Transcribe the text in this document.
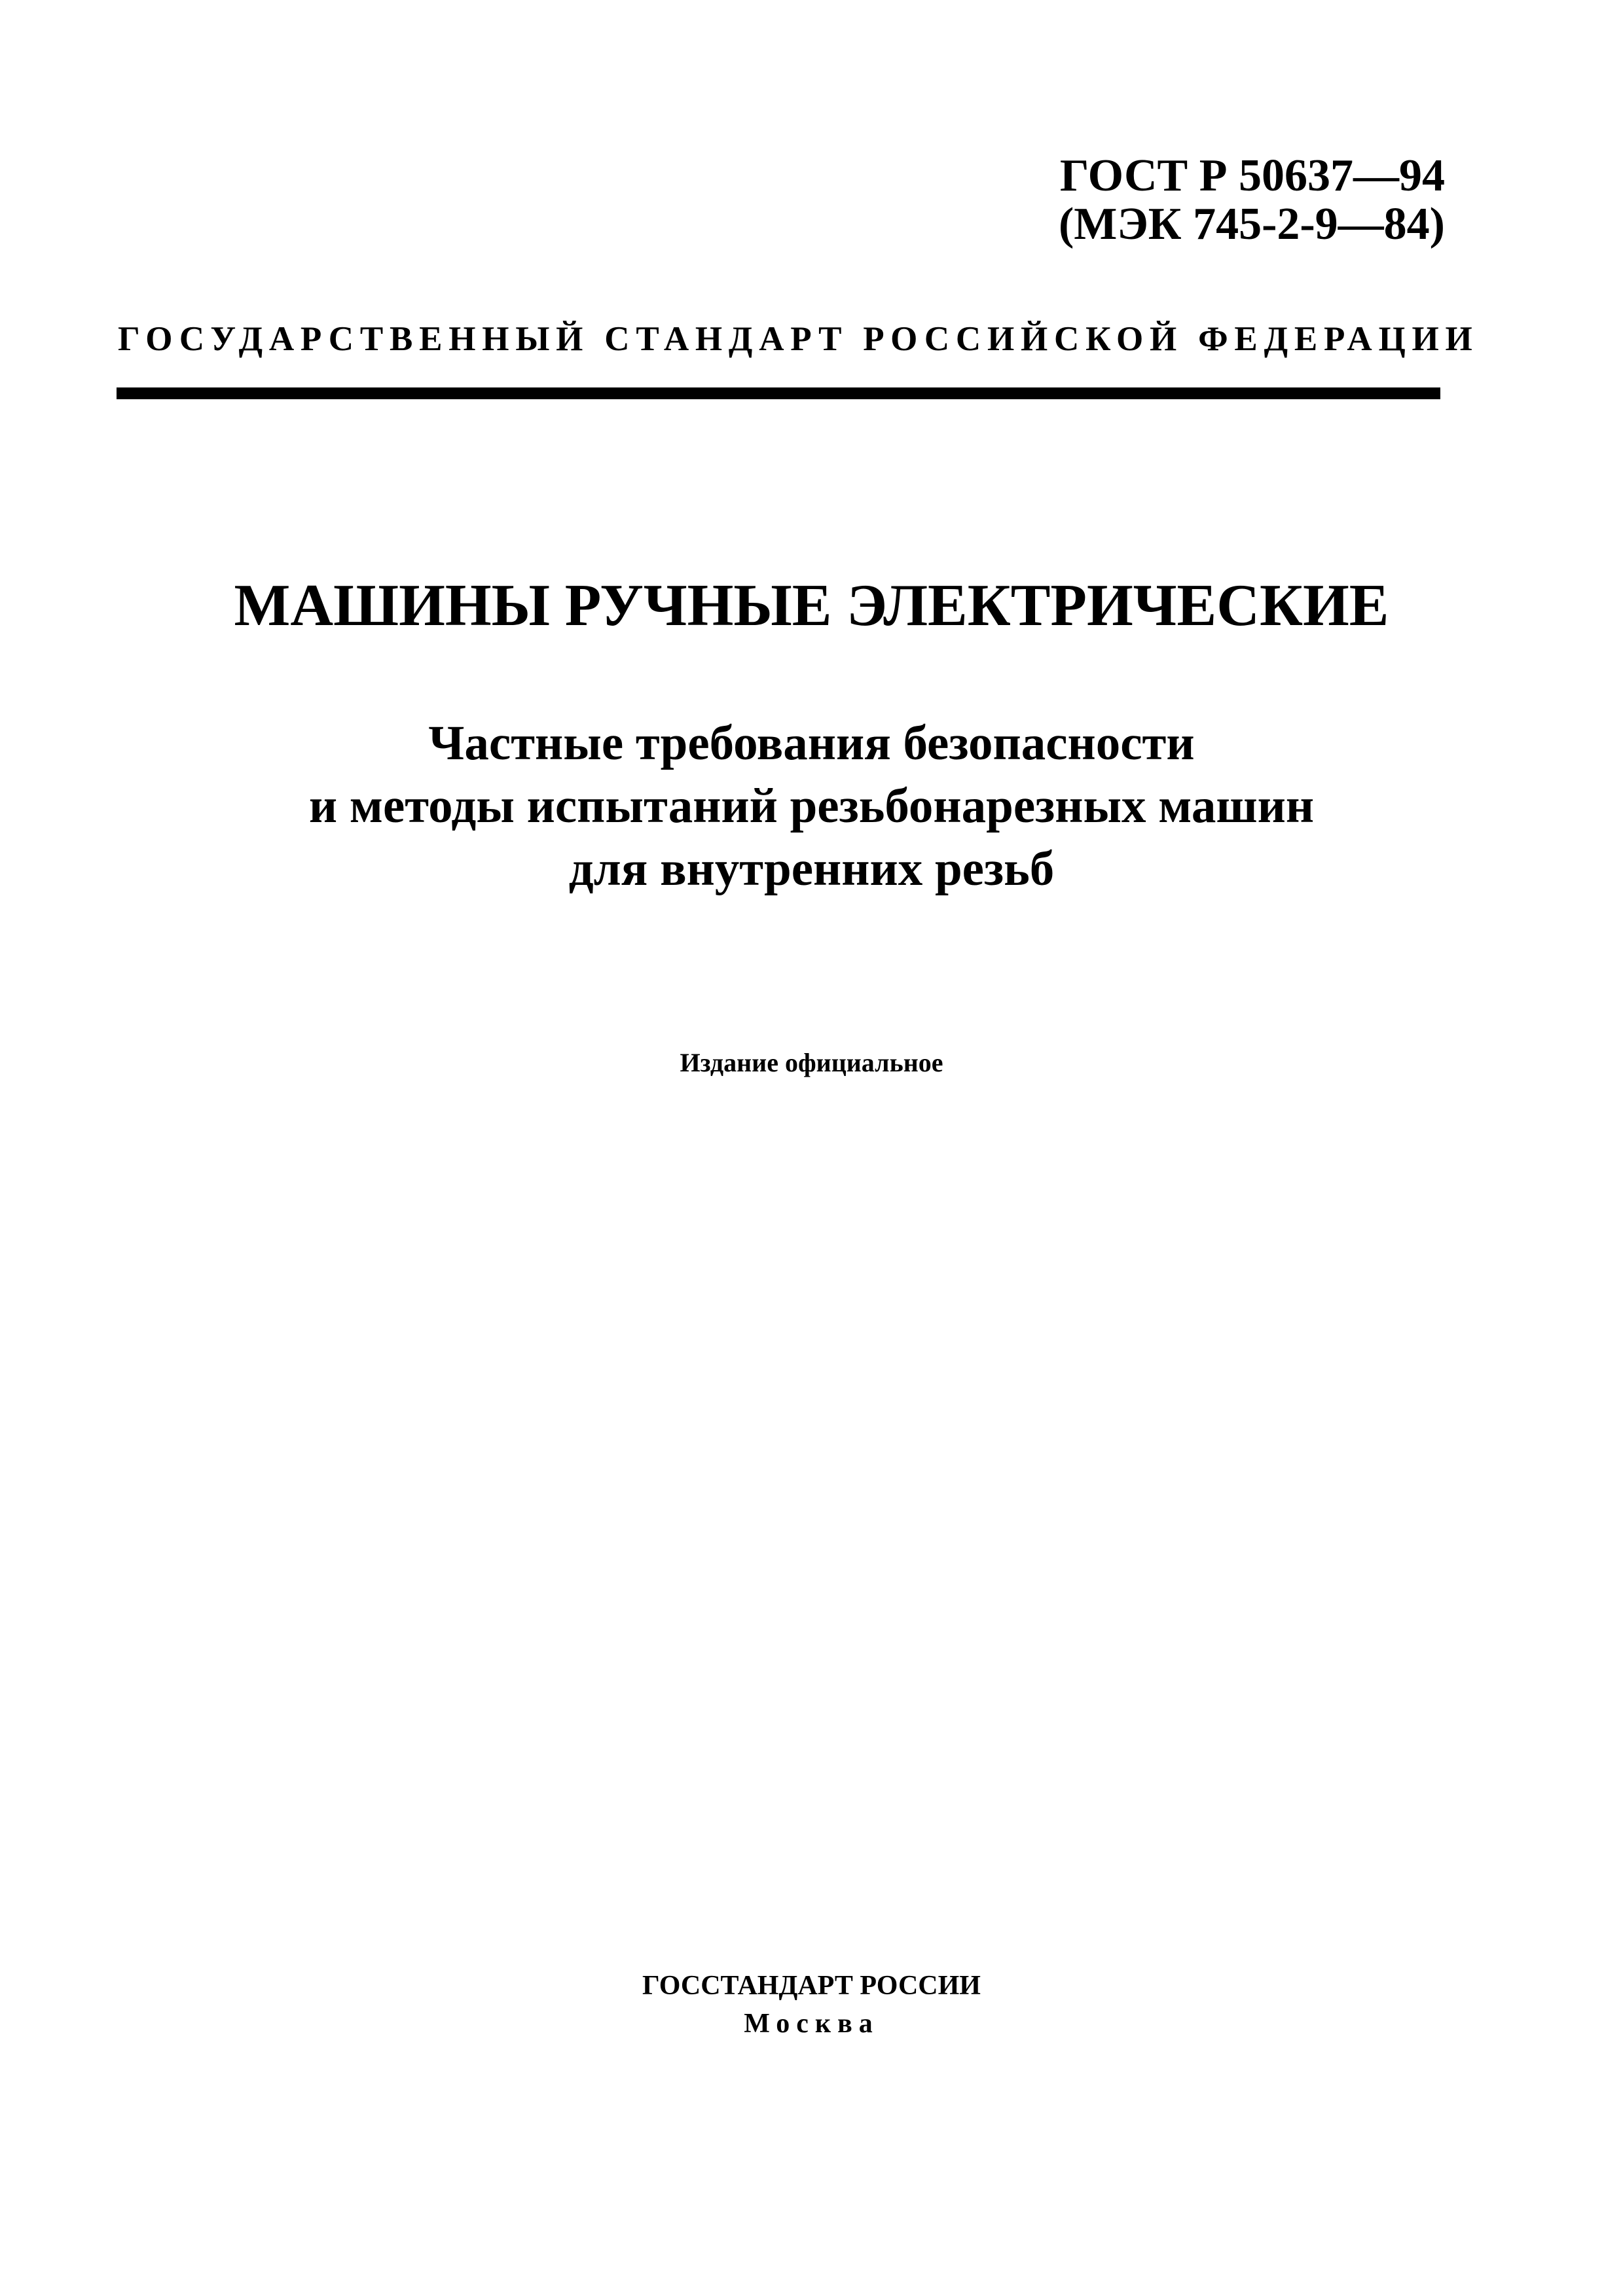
ГОСТ Р 50637—94
(МЭК 745-2-9—84)
ГОСУДАРСТВЕННЫЙ СТАНДАРТ РОССИЙСКОЙ ФЕДЕРАЦИИ
МАШИНЫ РУЧНЫЕ ЭЛЕКТРИЧЕСКИЕ
Частные требования безопасности
и методы испытаний резьбонарезных машин
для внутренних резьб
Издание официальное
ГОССТАНДАРТ РОССИИ
Москва
